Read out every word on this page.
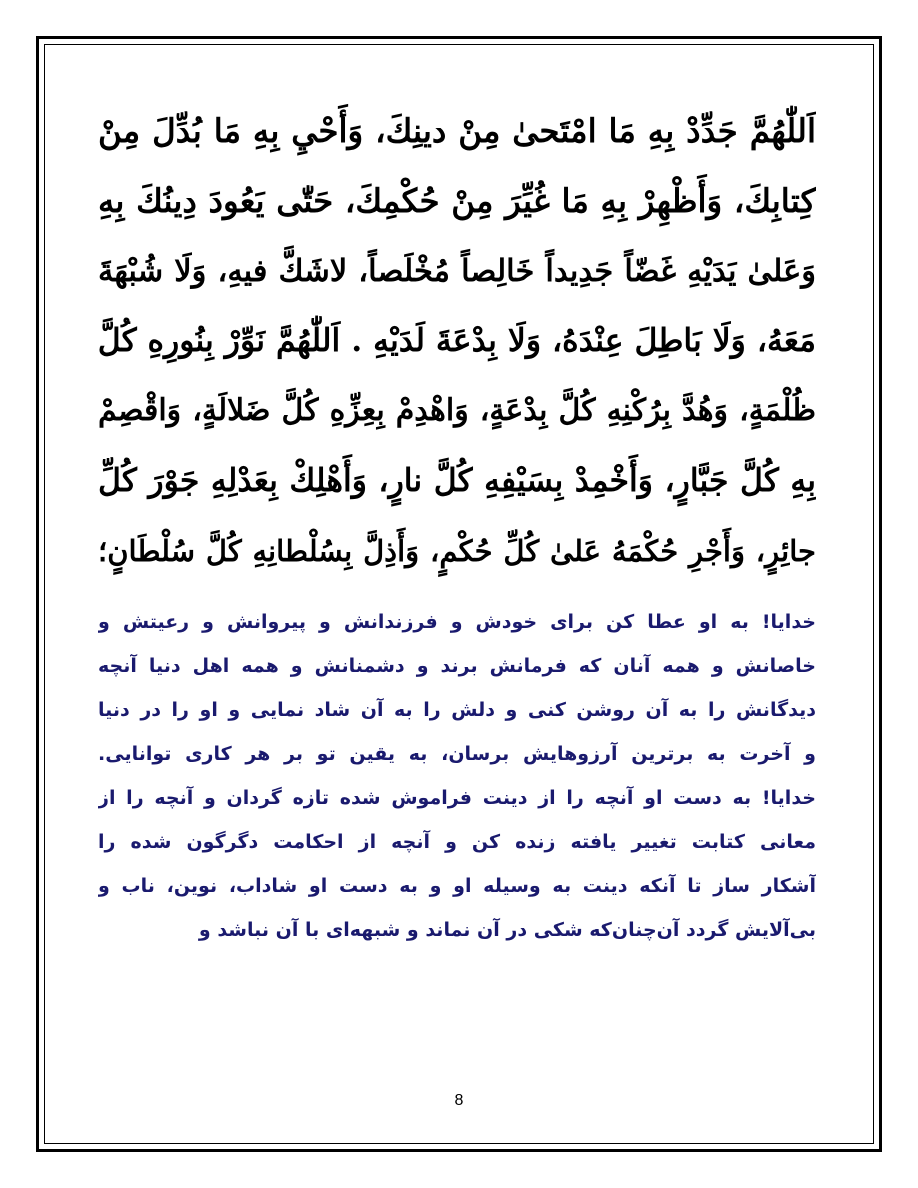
اَللّٰهُمَّ جَدِّدْ بِهِ مَا امْتَحىٰ مِنْ دينِكَ، وَأَحْيِ بِهِ مَا بُدِّلَ مِنْ
كِتابِكَ، وَأَظْهِرْ بِهِ مَا غُيِّرَ مِنْ حُكْمِكَ، حَتّٰى يَعُودَ دِينُكَ بِهِ
وَعَلىٰ يَدَيْهِ غَضّاً جَدِيداً خَالِصاً مُخْلَصاً، لاشَكَّ فيهِ، وَلَا شُبْهَةَ
مَعَهُ، وَلَا بَاطِلَ عِنْدَهُ، وَلَا بِدْعَةَ لَدَيْهِ . اَللّٰهُمَّ نَوِّرْ بِنُورِهِ كُلَّ
ظُلْمَةٍ، وَهُدَّ بِرُكْنِهِ كُلَّ بِدْعَةٍ، وَاهْدِمْ بِعِزِّهِ كُلَّ ضَلالَةٍ، وَاقْصِمْ
بِهِ كُلَّ جَبَّارٍ، وَأَخْمِدْ بِسَيْفِهِ كُلَّ نارٍ، وَأَهْلِكْ بِعَدْلِهِ جَوْرَ كُلِّ
جائِرٍ، وَأَجْرِ حُكْمَهُ عَلىٰ كُلِّ حُكْمٍ، وَأَذِلَّ بِسُلْطانِهِ كُلَّ سُلْطَانٍ؛
خدایا! به او عطا کن برای خودش و فرزندانش و پیروانش و رعیتش و
خاصانش و همه آنان که فرمانش برند و دشمنانش و همه اهل دنیا آنچه
دیدگانش را به آن روشن کنی و دلش را به آن شاد نمایی و او را در دنیا
و آخرت به برترین آرزوهایش برسان، به یقین تو بر هر کاری توانایی.
خدایا! به دست او آنچه را از دینت فراموش شده تازه گردان و آنچه را از
معانی کتابت تغییر یافته زنده کن و آنچه از احکامت دگرگون شده را
آشکار ساز تا آنکه دینت به وسیله او و به دست او شاداب، نوین، ناب و
بی‌آلایش گردد آن‌چنان‌که شکی در آن نماند و شبهه‌ای با آن نباشد و
8
